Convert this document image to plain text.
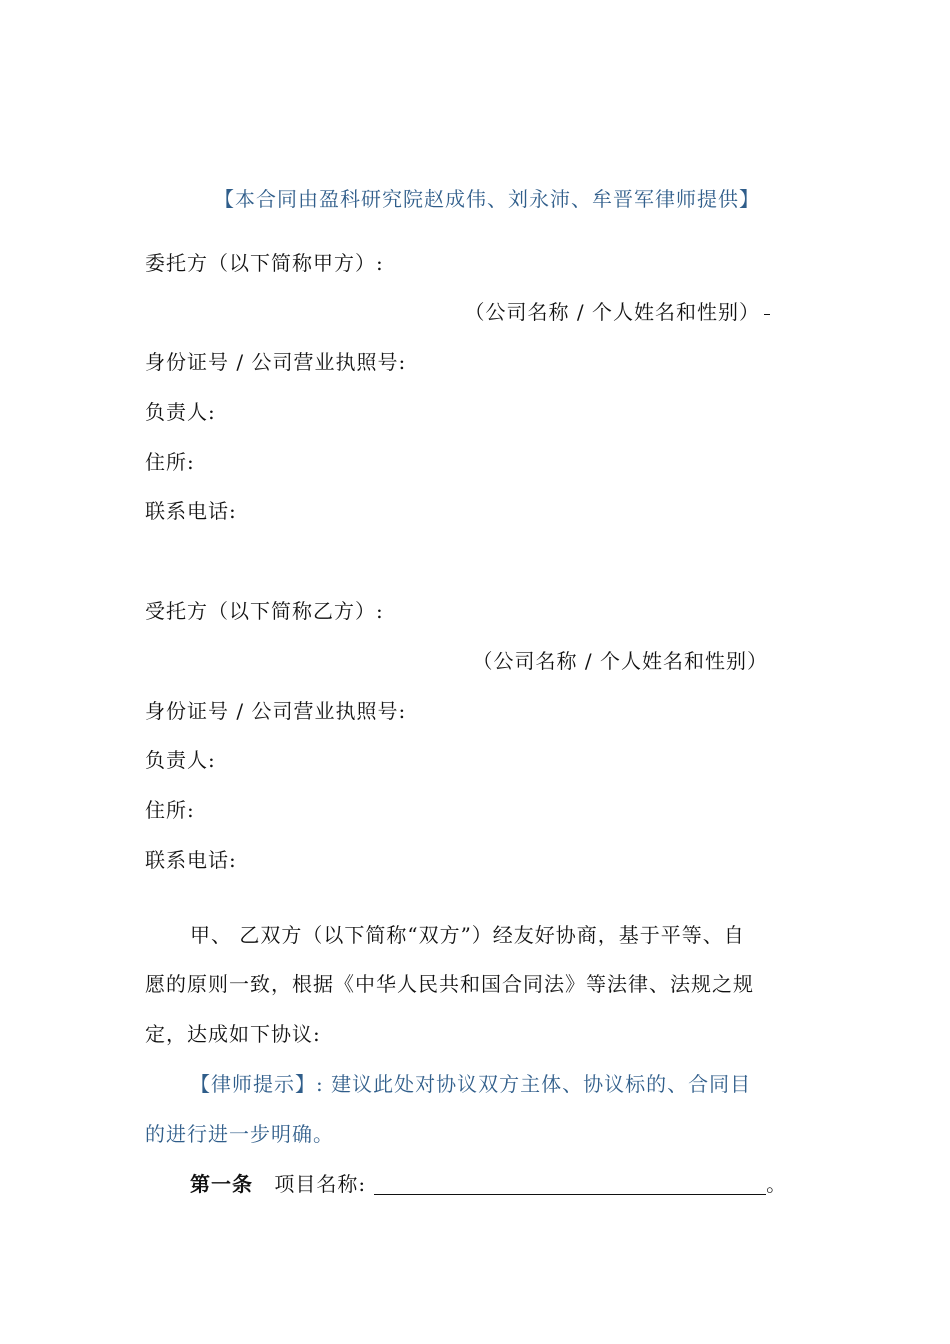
【本合同由盈科研究院赵成伟、刘永沛、牟晋军律师提供】
委托方（以下简称甲方）:
（公司名称 / 个人姓名和性别）
身份证号 / 公司营业执照号:
负责人:
住所:
联系电话:
受托方（以下简称乙方）:
（公司名称 / 个人姓名和性别）
身份证号 / 公司营业执照号:
负责人:
住所:
联系电话:
甲、 乙双方（以下简称“双方”）经友好协商，基于平等、自
愿的原则一致，根据《中华人民共和国合同法》等法律、法规之规
定，达成如下协议:
【律师提示】: 建议此处对协议双方主体、协议标的、合同目
的进行进一步明确。
第一条 项目名称:	。
